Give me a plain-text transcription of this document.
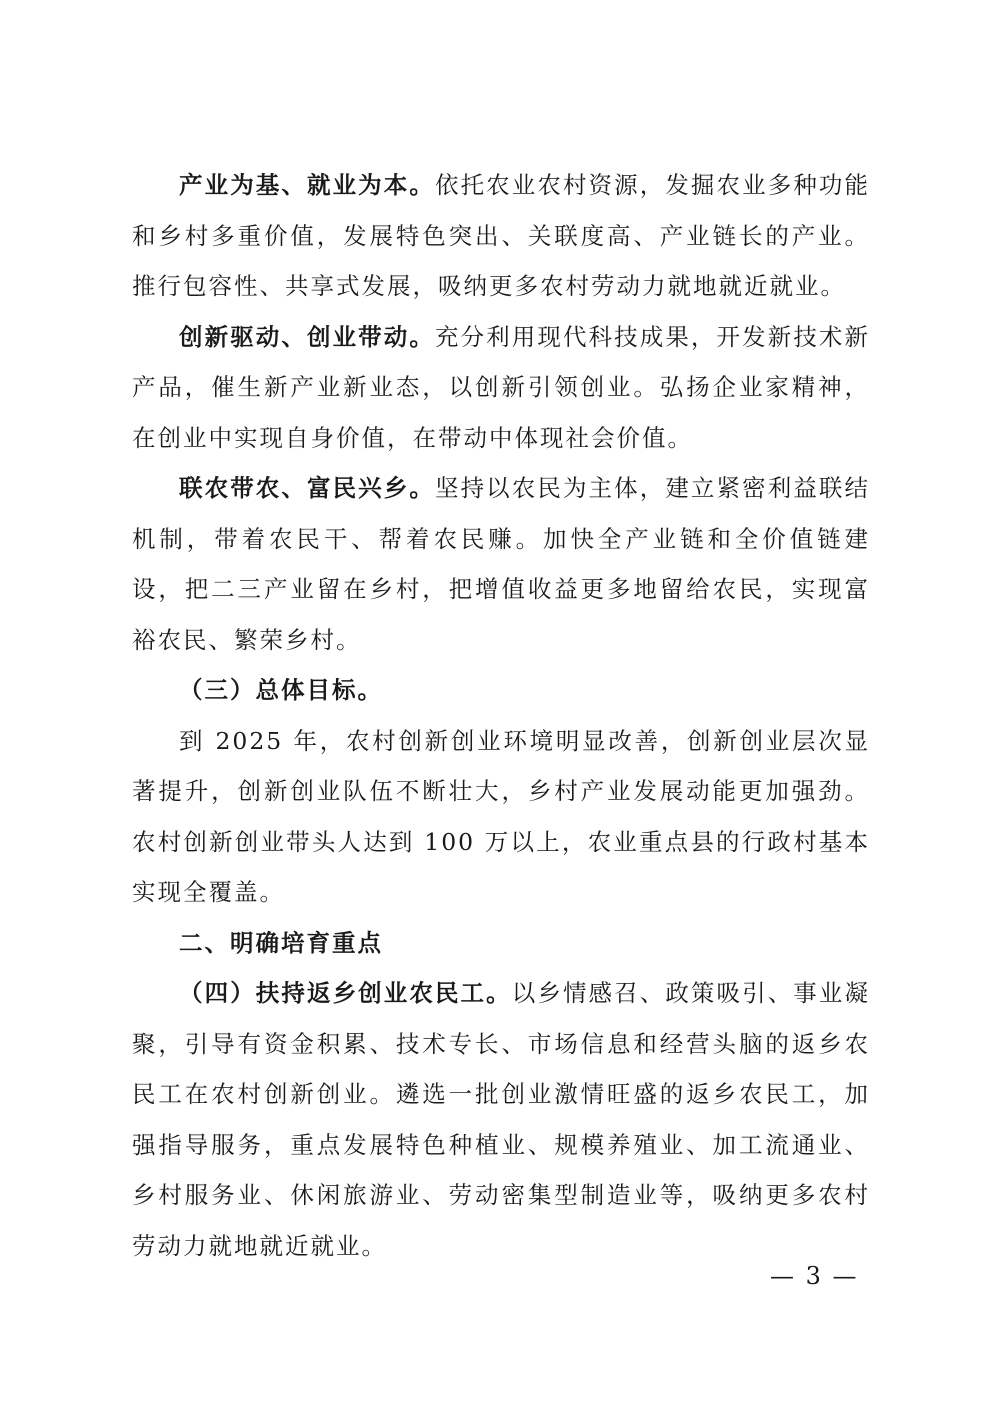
产业为基、就业为本。依托农业农村资源，发掘农业多种功能和乡村多重价值，发展特色突出、关联度高、产业链长的产业。推行包容性、共享式发展，吸纳更多农村劳动力就地就近就业。

创新驱动、创业带动。充分利用现代科技成果，开发新技术新产品，催生新产业新业态，以创新引领创业。弘扬企业家精神，在创业中实现自身价值，在带动中体现社会价值。

联农带农、富民兴乡。坚持以农民为主体，建立紧密利益联结机制，带着农民干、帮着农民赚。加快全产业链和全价值链建设，把二三产业留在乡村，把增值收益更多地留给农民，实现富裕农民、繁荣乡村。

（三）总体目标。

到 2025 年，农村创新创业环境明显改善，创新创业层次显著提升，创新创业队伍不断壮大，乡村产业发展动能更加强劲。农村创新创业带头人达到 100 万以上，农业重点县的行政村基本实现全覆盖。

二、明确培育重点

（四）扶持返乡创业农民工。以乡情感召、政策吸引、事业凝聚，引导有资金积累、技术专长、市场信息和经营头脑的返乡农民工在农村创新创业。遴选一批创业激情旺盛的返乡农民工，加强指导服务，重点发展特色种植业、规模养殖业、加工流通业、乡村服务业、休闲旅游业、劳动密集型制造业等，吸纳更多农村劳动力就地就近就业。

— 3 —
